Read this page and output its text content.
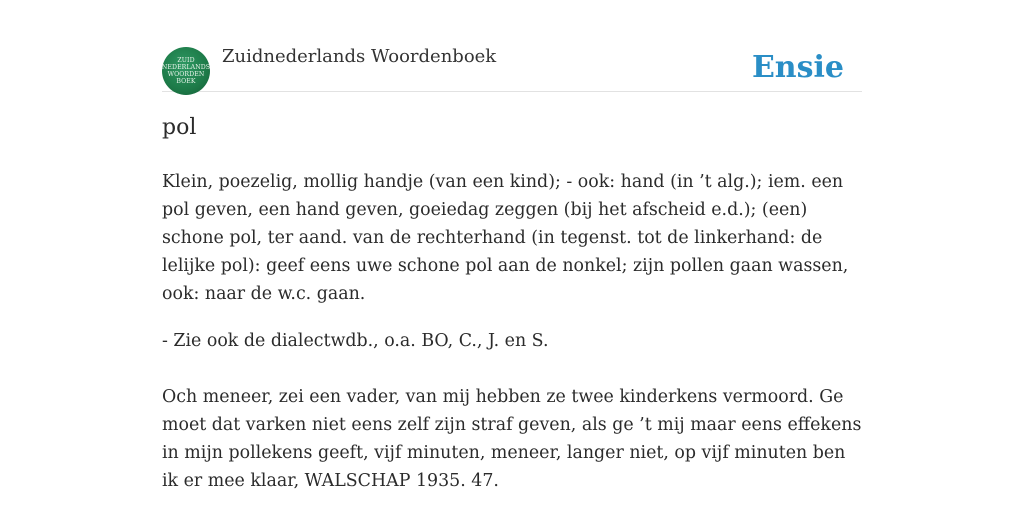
ZUID
NEDERLANDS
WOORDEN
BOEK
Zuidnederlands Woordenboek	Ensie
pol

Klein, poezelig, mollig handje (van een kind); - ook: hand (in ’t alg.); iem. een pol geven, een hand geven, goeiedag zeggen (bij het afscheid e.d.); (een) schone pol, ter aand. van de rechterhand (in tegenst. tot de linkerhand: de lelijke pol): geef eens uwe schone pol aan de nonkel; zijn pollen gaan wassen, ook: naar de w.c. gaan.

- Zie ook de dialectwdb., o.a. BO, C., J. en S.

Och meneer, zei een vader, van mij hebben ze twee kinderkens vermoord. Ge moet dat varken niet eens zelf zijn straf geven, als ge ’t mij maar eens effekens in mijn pollekens geeft, vijf minuten, meneer, langer niet, op vijf minuten ben ik er mee klaar, WALSCHAP 1935. 47.
